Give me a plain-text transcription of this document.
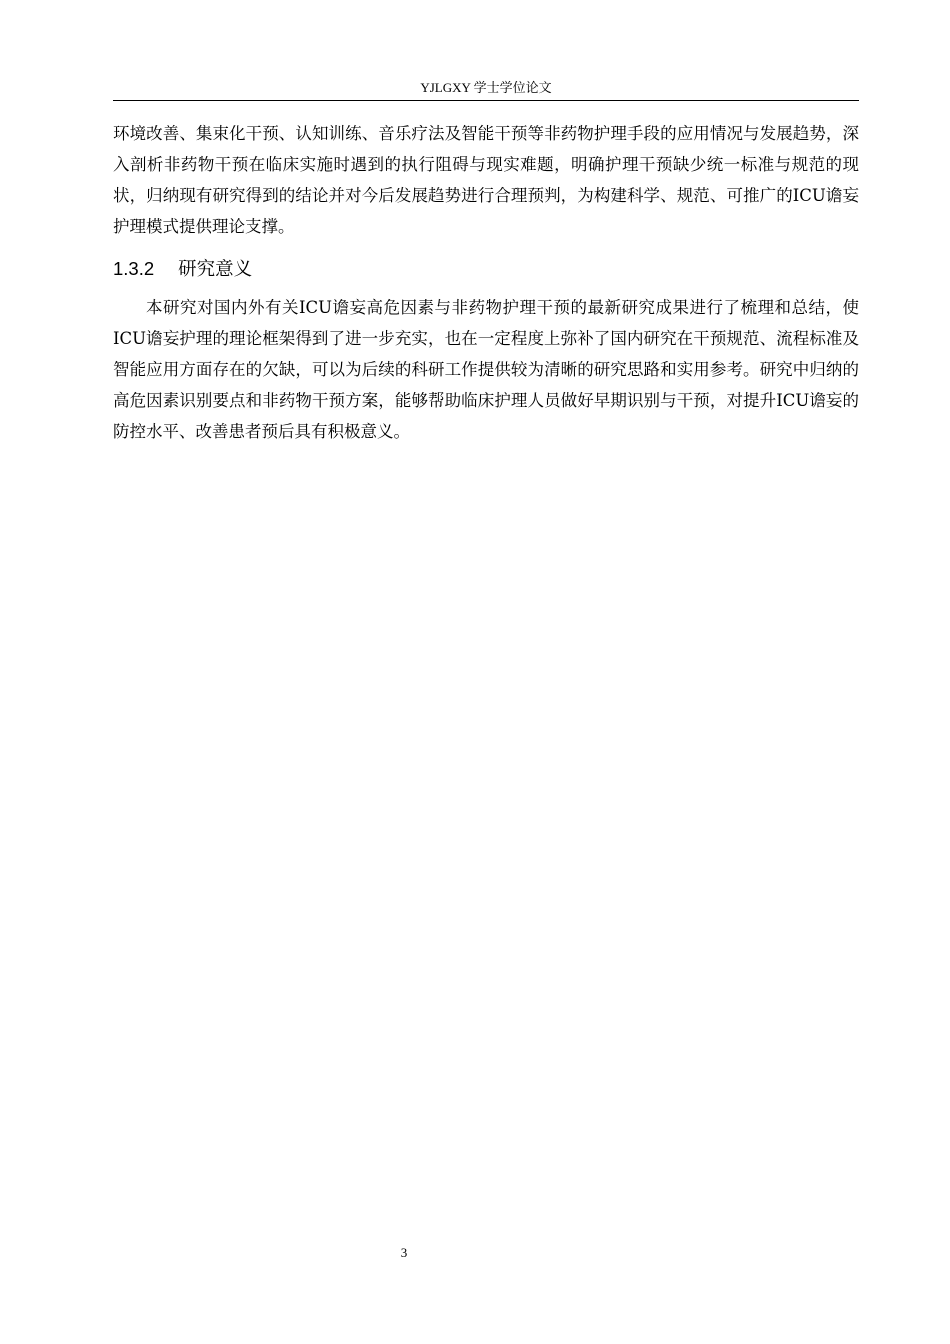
YJLGXY 学士学位论文

环境改善、集束化干预、认知训练、音乐疗法及智能干预等非药物护理手段的应用情况与发展趋势，深入剖析非药物干预在临床实施时遇到的执行阻碍与现实难题，明确护理干预缺少统一标准与规范的现状，归纳现有研究得到的结论并对今后发展趋势进行合理预判，为构建科学、规范、可推广的ICU谵妄护理模式提供理论支撑。

1.3.2 研究意义

本研究对国内外有关ICU谵妄高危因素与非药物护理干预的最新研究成果进行了梳理和总结，使ICU谵妄护理的理论框架得到了进一步充实，也在一定程度上弥补了国内研究在干预规范、流程标准及智能应用方面存在的欠缺，可以为后续的科研工作提供较为清晰的研究思路和实用参考。研究中归纳的高危因素识别要点和非药物干预方案，能够帮助临床护理人员做好早期识别与干预，对提升ICU谵妄的防控水平、改善患者预后具有积极意义。

3
